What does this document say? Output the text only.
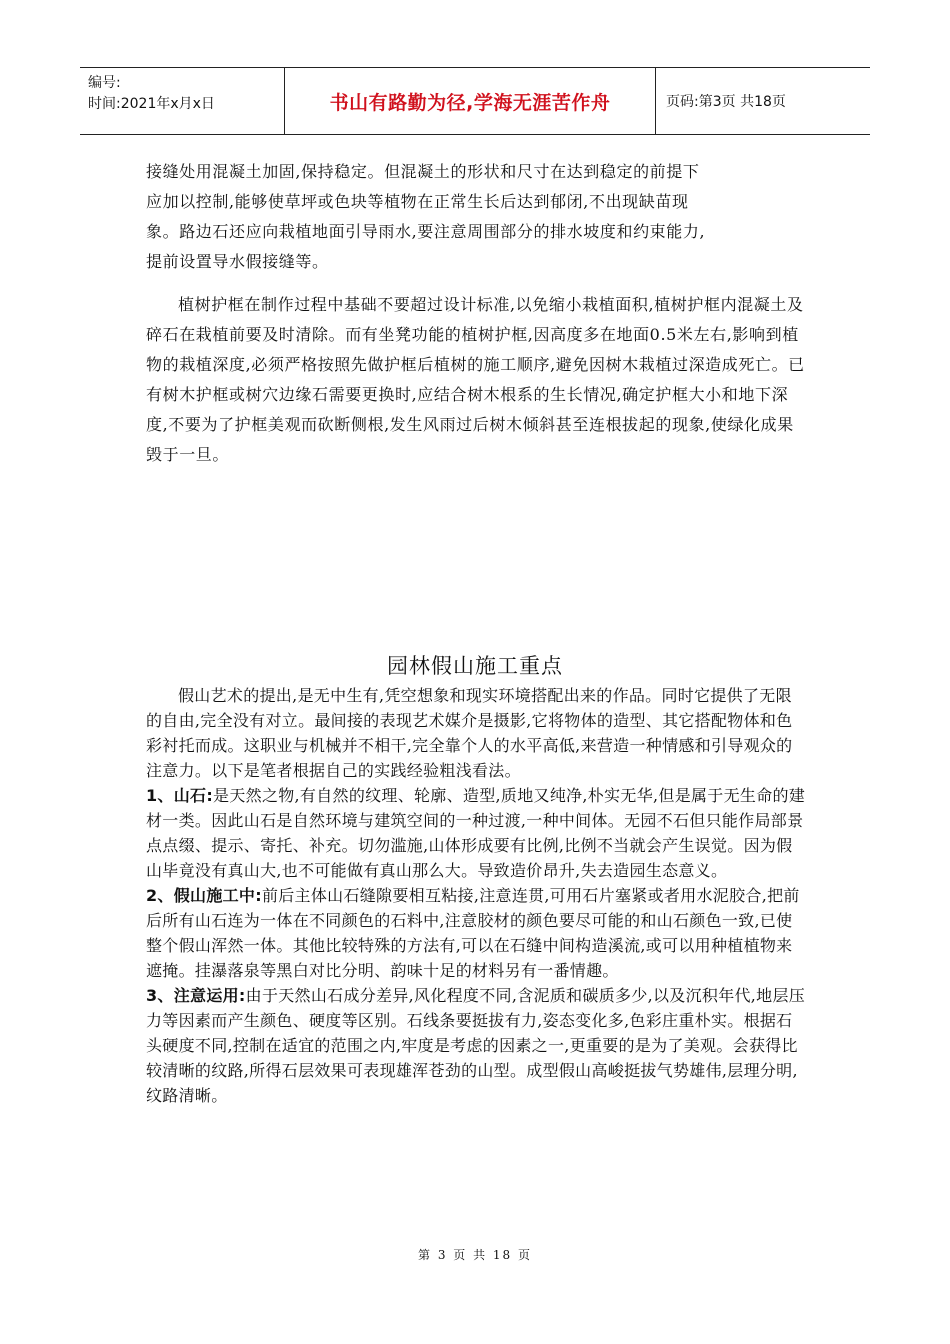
编号:
时间:2021年x月x日	书山有路勤为径,学海无涯苦作舟	页码:第3页 共18页

接缝处用混凝土加固,保持稳定。但混凝土的形状和尺寸在达到稳定的前提下
应加以控制,能够使草坪或色块等植物在正常生长后达到郁闭,不出现缺苗现
象。路边石还应向栽植地面引导雨水,要注意周围部分的排水坡度和约束能力,
提前设置导水假接缝等。

植树护框在制作过程中基础不要超过设计标准,以免缩小栽植面积,植树护框内混凝土及碎石在栽植前要及时清除。而有坐凳功能的植树护框,因高度多在地面0.5米左右,影响到植物的栽植深度,必须严格按照先做护框后植树的施工顺序,避免因树木栽植过深造成死亡。已有树木护框或树穴边缘石需要更换时,应结合树木根系的生长情况,确定护框大小和地下深度,不要为了护框美观而砍断侧根,发生风雨过后树木倾斜甚至连根拔起的现象,使绿化成果毁于一旦。

园林假山施工重点

假山艺术的提出,是无中生有,凭空想象和现实环境搭配出来的作品。同时它提供了无限的自由,完全没有对立。最间接的表现艺术媒介是摄影,它将物体的造型、其它搭配物体和色彩衬托而成。这职业与机械并不相干,完全靠个人的水平高低,来营造一种情感和引导观众的注意力。以下是笔者根据自己的实践经验粗浅看法。

1、山石:是天然之物,有自然的纹理、轮廓、造型,质地又纯净,朴实无华,但是属于无生命的建材一类。因此山石是自然环境与建筑空间的一种过渡,一种中间体。无园不石但只能作局部景点点缀、提示、寄托、补充。切勿滥施,山体形成要有比例,比例不当就会产生误觉。因为假山毕竟没有真山大,也不可能做有真山那么大。导致造价昂升,失去造园生态意义。

2、假山施工中:前后主体山石缝隙要相互粘接,注意连贯,可用石片塞紧或者用水泥胶合,把前后所有山石连为一体在不同颜色的石料中,注意胶材的颜色要尽可能的和山石颜色一致,已使整个假山浑然一体。其他比较特殊的方法有,可以在石缝中间构造溪流,或可以用种植植物来遮掩。挂瀑落泉等黑白对比分明、韵味十足的材料另有一番情趣。

3、注意运用:由于天然山石成分差异,风化程度不同,含泥质和碳质多少,以及沉积年代,地层压力等因素而产生颜色、硬度等区别。石线条要挺拔有力,姿态变化多,色彩庄重朴实。根据石头硬度不同,控制在适宜的范围之内,牢度是考虑的因素之一,更重要的是为了美观。会获得比较清晰的纹路,所得石层效果可表现雄浑苍劲的山型。成型假山高峻挺拔气势雄伟,层理分明,纹路清晰。

第 3 页 共 18 页
